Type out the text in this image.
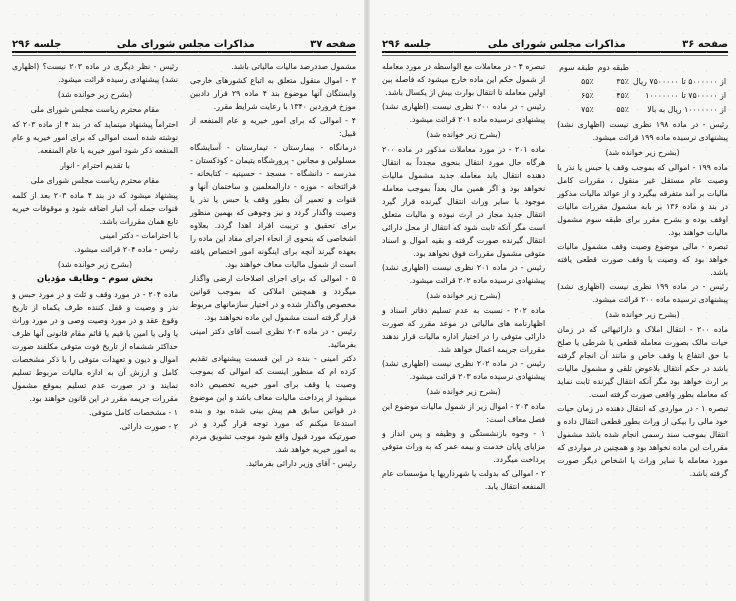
صفحه ۳۷
مذاکرات مجلس شورای ملی
جلسه ۲۹۶

مشمول صددرصد مالیات مالیاتی باشد.

۳ - اموال منقول متعلق به اتباع کشورهای خارجی وابستگان آنها موضوع بند ۴ ماده ۲۹ قرار دادبین موزخ فروردین ۱۳۴۰ با رعایت شرایط مقرر.

۴ - اموالی که برای امور خیریه و عام المنفعه از قبیل:

درمانگاه - بیمارستان - تیمارستان - آسایشگاه مسلولین و مجانین - پرورشگاه یتیمان - کودکستان - مدرسه - دانشگاه - مسجد - حسینیه - کتابخانه - قرائتخانه - موزه - دارالمعلمین و ساختمان آنها و قنوات و تعمیر آن بطور وقف یا حبس یا نذر یا وصیت واگذار گردد و نیز وجوهی که بهمین منظور برای تحقیق و تربیت افراد اهدا گردد. بعلاوه اشخاصی که بنحوی از انحاء اجرای مفاد این ماده را بعهده گیرند آنچه برای اینگونه امور اختصاص یافته است از شمول مالیات معاف خواهند بود.

۵ - اموالی که برای اجرای اصلاحات ارضی واگذار میگردد و همچنین املاکی که بموجب قوانین مخصوص واگذار شده و در اختیار سازمانهای مربوط قرار گرفته است مشمول این ماده نخواهند بود.

رئیس - در ماده ۲۰۳ نظری است آقای دکتر امینی بفرمائید.

دکتر امینی - بنده در این قسمت پیشنهادی تقدیم کرده ام که منظور اینست که اموالی که بموجب وصیت یا وقف برای امور خیریه تخصیص داده میشود از پرداخت مالیات معاف باشد و این موضوع در قوانین سابق هم پیش بینی شده بود و بنده استدعا میکنم که مورد توجه قرار گیرد و در صورتیکه مورد قبول واقع شود موجب تشویق مردم به امور خیریه خواهد شد.

رئیس - آقای وزیر دارائی بفرمائید.

رئیس - نظر دیگری در ماده ۲۰۳ نیست؟ (اظهاری نشد) پیشنهادی رسیده قرائت میشود.

(بشرح زیر خوانده شد)

مقام محترم ریاست مجلس شورای ملی

احتراماً پیشنهاد مینماید که در بند ۴ از ماده ۲۰۳ که نوشته شده است اموالی که برای امور خیریه و عام المنفعه ذکر شود امور خیریه یا عام المنفعه.

با تقدیم احترام - انوار

مقام محترم ریاست مجلس شورای ملی

پیشنهاد میشود که در بند ۴ ماده ۲۰۳ بعد از کلمه قنوات جمله آب انبار اضافه شود و موقوفات خیریه تابع همان مقررات باشد.

با احترامات - دکتر امینی

رئیس - ماده ۲۰۴ قرائت میشود.

(بشرح زیر خوانده شد)

بخش سوم - وظایف مؤدیان

ماده ۲۰۴ - در مورد وقف و ثلث و در مورد حبس و نذر و وصیت و قفل کننده طرف یکماه از تاریخ وقوع عقد و در مورد وصیت وصی و در مورد وراث یا ولی یا امین یا قیم یا قائم مقام قانونی آنها ظرف حداکثر ششماه از تاریخ فوت متوفی مکلفند صورت اموال و دیون و تعهدات متوفی را با ذکر مشخصات کامل و ارزش آن به اداره مالیات مربوط تسلیم نمایند و در صورت عدم تسلیم بموقع مشمول مقررات جریمه مقرر در این قانون خواهند بود.

۱ - مشخصات کامل متوفی.

۲ - صورت دارائی.

صفحه ۳۶
مذاکرات مجلس شورای ملی
جلسه ۲۹۶
	طبقه دوم	طبقه سوم
از ۵۰۰۰۰۰۰ تا ۷۵۰۰۰۰۰ ریال	۳۵٪	۵۵٪
از ۷۵۰۰۰۰۰ تا ۱۰۰۰۰۰۰۰	۴۵٪	۶۵٪
از ۱۰۰۰۰۰۰۰ ریال به بالا	۵۵٪	۷۵٪

رئیس - در ماده ۱۹۸ نظری نیست (اظهاری نشد) پیشنهادی نرسیده ماده ۱۹۹ قرائت میشود.

(بشرح زیر خوانده شد)

ماده ۱۹۹ - اموالی که بموجب وقف یا حبس یا نذر یا وصیت عام مستقل غیر منقول ، مقررات کامل مالیات بر آمد متفرقه بیگیرد و از عوائد مالیات مذکور در بند و ماده ۱۳۶ بر بابه مشمول مقررات مالیات اوقف بوده و بشرح مقرر برای طبقه سوم مشمول مالیات خواهند بود.

تبصره - مالی موضوع وصیت وقف مشمول مالیات خواهد بود که وصیت یا وقف صورت قطعی یافته باشد.

رئیس - در ماده ۱۹۹ نظری نیست (اظهاری نشد) پیشنهادی نرسیده ماده ۲۰۰ قرائت میشود.

(بشرح زیر خوانده شد)

ماده ۲۰۰ - انتقال املاک و دارائیهائی که در زمان حیات مالک بصورت معامله قطعی یا شرطی یا صلح با حق انتفاع یا وقف خاص و مانند آن انجام گرفته باشد در حکم انتقال بلاعوض تلقی و مشمول مالیات بر ارث خواهد بود مگر آنکه انتقال گیرنده ثابت نماید که معامله بطور واقعی صورت گرفته است.

تبصره ۱ - در مواردی که انتقال دهنده در زمان حیات خود مالی را بیکی از وراث بطور قطعی انتقال داده و انتقال بموجب سند رسمی انجام شده باشد مشمول مقررات این ماده نخواهد بود و همچنین در مواردی که مورد معامله با سایر وراث یا اشخاص دیگر صورت گرفته باشد.

تبصره ۴ - در معاملات مع الواسطه در مورد معامله از شمول حکم این ماده خارج میشود که فاصله بین اولین معامله تا انتقال بوارث بیش از یکسال باشد.

رئیس - در ماده ۲۰۰ نظری نیست (اظهاری نشد) پیشنهادی نرسیده ماده ۲۰۱ قرائت میشود.

(بشرح زیر خوانده شد)

ماده ۲۰۱ - در مورد معاملات مذکور در ماده ۲۰۰ هرگاه حال مورد انتقال بنحوی مجدداً به انتقال دهنده انتقال یابد معامله جدید مشمول مالیات نخواهد بود و اگر همین مال بعداً بموجب معامله موجود با سایر وراث انتقال گیرنده قرار گیرد انتقال جدید مجاز در ارث نبوده و مالیات متعلق است مگر آنکه ثابت شود که انتقال از محل دارائی انتقال گیرنده صورت گرفته و بقیه اموال و اسناد متوفی مشمول مقررات فوق نخواهد بود.

رئیس - در ماده ۲۰۱ نظری نیست (اظهاری نشد) پیشنهادی نرسیده ماده ۲۰۲ قرائت میشود.

(بشرح زیر خوانده شد)

ماده ۲۰۲ - نسبت به عدم تسلیم دفاتر اسناد و اظهارنامه های مالیاتی در موعد مقرر که صورت دارائی متوفی را در اختیار اداره مالیات قرار ندهند مقررات جریمه اعمال خواهد شد.

رئیس - در ماده ۲۰۲ نظری نیست (اظهاری نشد) پیشنهادی نرسیده ماده ۲۰۳ قرائت میشود.

(بشرح زیر خوانده شد)

ماده ۲۰۳ - اموال زیر از شمول مالیات موضوع این فصل معاف است:

۱ - وجوه بازنشستگی و وظیفه و پس انداز و مزایای پایان خدمت و بیمه عمر که به وراث متوفی پرداخت میگردد.

۲ - اموالی که بدولت یا شهرداریها یا مؤسسات عام المنفعه انتقال یابد.
